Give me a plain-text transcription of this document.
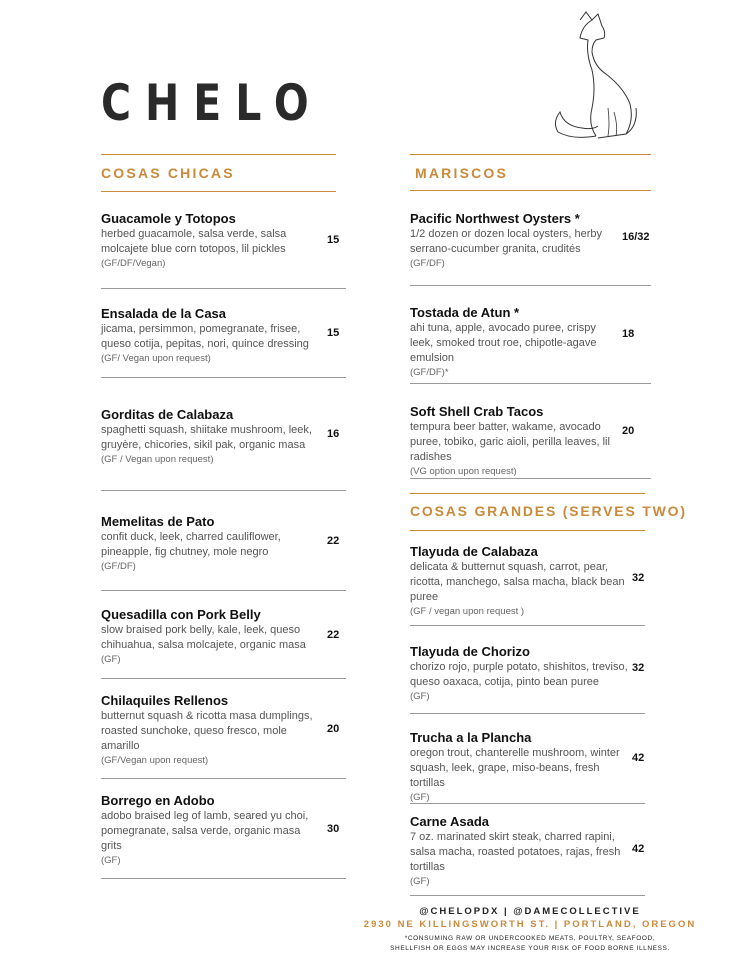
CHELO
COSAS CHICAS	MARISCOS
COSAS GRANDES (SERVES TWO)
Guacamole y Totopos
herbed guacamole, salsa verde, salsa molcajete blue corn totopos, lil pickles
(GF/DF/Vegan)
15
Ensalada de la Casa
jicama, persimmon, pomegranate, frisee, queso cotija, pepitas, nori, quince dressing
(GF/ Vegan upon request)
15
Gorditas de Calabaza
spaghetti squash, shiitake mushroom, leek, gruyère, chicories, sikil pak, organic masa
(GF / Vegan upon request)
16
Memelitas de Pato
confit duck, leek, charred cauliflower, pineapple, fig chutney, mole negro
(GF/DF)
22
Quesadilla con Pork Belly
slow braised pork belly, kale, leek, queso chihuahua, salsa molcajete, organic masa
(GF)
22
Chilaquiles Rellenos
butternut squash & ricotta masa dumplings, roasted sunchoke, queso fresco, mole amarillo
(GF/Vegan upon request)
20
Borrego en Adobo
adobo braised leg of lamb, seared yu choi, pomegranate, salsa verde, organic masa grits
(GF)
30
Pacific Northwest Oysters *
1/2 dozen or dozen local oysters, herby serrano-cucumber granita, crudités
(GF/DF)
16/32
Tostada de Atun *
ahi tuna, apple, avocado puree, crispy leek, smoked trout roe, chipotle-agave emulsion
(GF/DF)*
18
Soft Shell Crab Tacos
tempura beer batter, wakame, avocado puree, tobiko, garic aioli, perilla leaves, lil radishes
(VG option upon request)
20
Tlayuda de Calabaza
delicata & butternut squash, carrot, pear, ricotta, manchego, salsa macha, black bean puree
(GF / vegan upon request )
32
Tlayuda de Chorizo
chorizo rojo, purple potato, shishitos, treviso, queso oaxaca, cotija, pinto bean puree
(GF)
32
Trucha a la Plancha
oregon trout, chanterelle mushroom, winter squash, leek, grape, miso-beans, fresh tortillas
(GF)
42
Carne Asada
7 oz. marinated skirt steak, charred rapini, salsa macha, roasted potatoes, rajas, fresh tortillas
(GF)
42
@CHELOPDX | @DAMECOLLECTIVE
2930 NE KILLINGSWORTH ST. | PORTLAND, OREGON
*CONSUMING RAW OR UNDERCOOKED MEATS, POULTRY, SEAFOOD,
SHELLFISH OR EGGS MAY INCREASE YOUR RISK OF FOOD BORNE ILLNESS.
